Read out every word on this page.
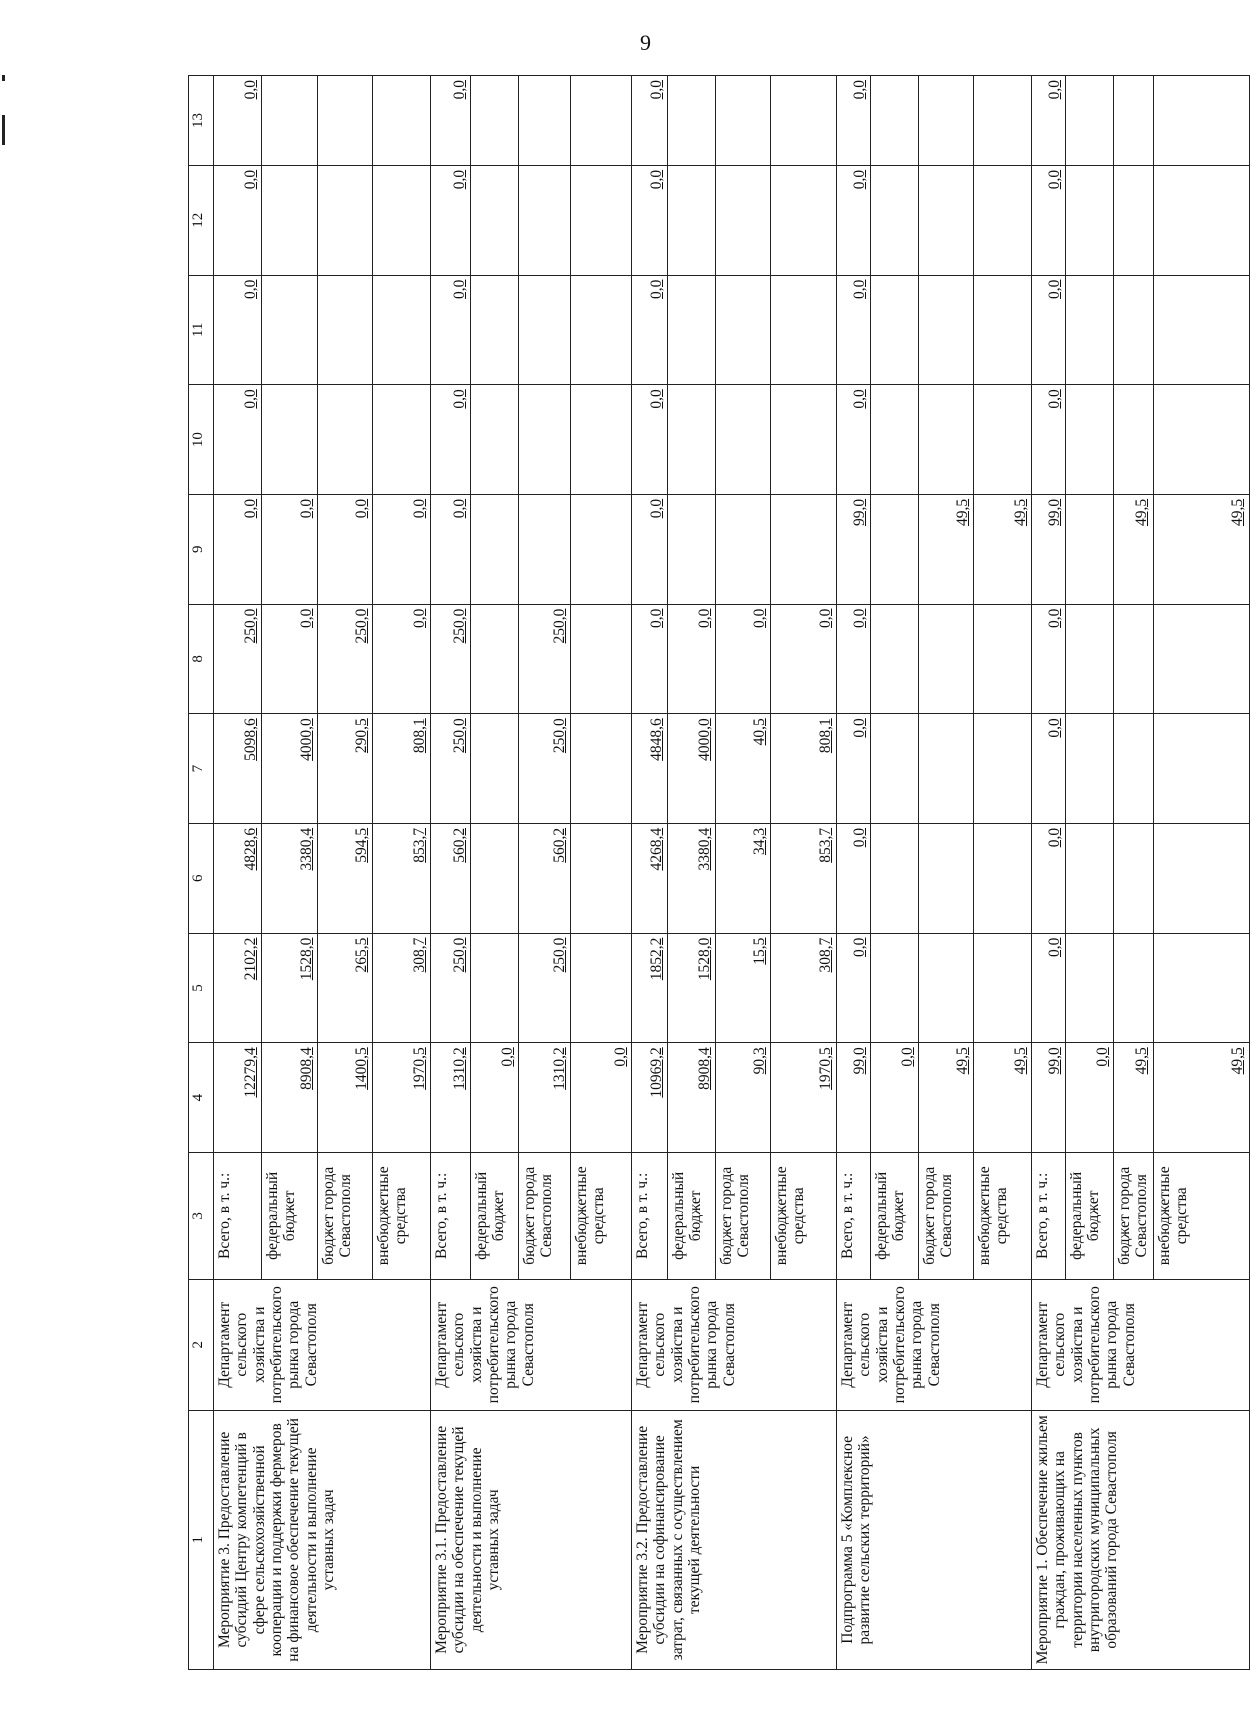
9
1	2	3	4	5	6	7	8	9	10	11	12	13
Мероприятие 3. Предоставление субсидий Центру компетенций в сфере сельскохозяйственной кооперации и поддержки фермеров на финансовое обеспечение текущей деятельности и выполнение уставных задач	Департамент сельского хозяйства и потребительского рынка города Севастополя	Всего, в т. ч.:	12279,4	2102,2	4828,6	5098,6	250,0	0,0	0,0	0,0	0,0	0,0
		федеральный бюджет	8908,4	1528,0	3380,4	4000,0	0,0	0,0				
		бюджет города Севастополя	1400,5	265,5	594,5	290,5	250,0	0,0				
		внебюджетные средства	1970,5	308,7	853,7	808,1	0,0	0,0				
Мероприятие 3.1. Предоставление субсидии на обеспечение текущей деятельности и выполнение уставных задач	Департамент сельского хозяйства и потребительского рынка города Севастополя	Всего, в т. ч.:	1310,2	250,0	560,2	250,0	250,0	0,0	0,0	0,0	0,0	0,0
		федеральный бюджет	0,0									
		бюджет города Севастополя	1310,2	250,0	560,2	250,0	250,0					
		внебюджетные средства	0,0									
Мероприятие 3.2. Предоставление субсидии на софинансирование затрат, связанных с осуществлением текущей деятельности	Департамент сельского хозяйства и потребительского рынка города Севастополя	Всего, в т. ч.:	10969,2	1852,2	4268,4	4848,6	0,0	0,0	0,0	0,0	0,0	0,0
		федеральный бюджет	8908,4	1528,0	3380,4	4000,0	0,0					
		бюджет города Севастополя	90,3	15,5	34,3	40,5	0,0					
		внебюджетные средства	1970,5	308,7	853,7	808,1	0,0					
Подпрограмма 5 «Комплексное развитие сельских территорий»	Департамент сельского хозяйства и потребительского рынка города Севастополя	Всего, в т. ч.:	99,0	0,0	0,0	0,0	0,0	99,0	0,0	0,0	0,0	0,0
		федеральный бюджет	0,0									
		бюджет города Севастополя	49,5					49,5				
		внебюджетные средства	49,5					49,5				
Мероприятие 1. Обеспечение жильем граждан, проживающих на территории населенных пунктов внутригородских муниципальных образований города Севастополя	Департамент сельского хозяйства и потребительского рынка города Севастополя	Всего, в т. ч.:	99,0	0,0	0,0	0,0	0,0	99,0	0,0	0,0	0,0	0,0
		федеральный бюджет	0,0									
		бюджет города Севастополя	49,5					49,5				
		внебюджетные средства	49,5					49,5				
